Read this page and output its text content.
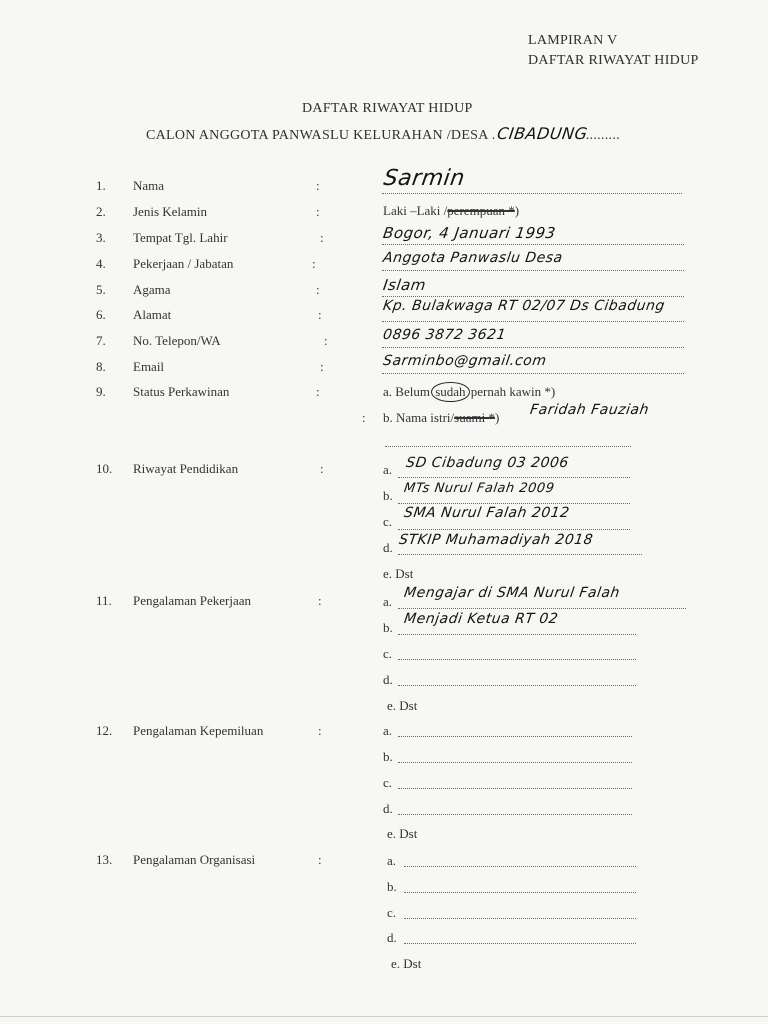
LAMPIRAN V
DAFTAR RIWAYAT HIDUP
DAFTAR RIWAYAT HIDUP
CALON ANGGOTA PANWASLU KELURAHAN /DESA .CIBADUNG.........
1. Nama	:	Sarmin
2. Jenis Kelamin	:	Laki –Laki /perempuan *)
3. Tempat Tgl. Lahir	:	Bogor, 4 Januari 1993
4. Pekerjaan / Jabatan	:	Anggota Panwaslu Desa
5. Agama	:	Islam
6. Alamat	:
Kp. Bulakwaga RT 02/07 Ds Cibadung
7. No. Telepon/WA	:	0896 3872 3621
8. Email	:	Sarminbo@gmail.com
9. Status Perkawinan	:	a. Belum sudah pernah kawin *)
: b. Nama istri/suami *) Faridah Fauziah
10. Riwayat Pendidikan	:	a. SD Cibadung 03 2006
b. MTs Nurul Falah 2009
c.
SMA Nurul Falah 2012
d. STKIP Muhamadiyah 2018
e. Dst
11. Pengalaman Pekerjaan	:	a.
Mengajar di SMA Nurul Falah
b.
Menjadi Ketua RT 02
c.
d.
e. Dst
12. Pengalaman Kepemiluan	:	a.
b.
c.
d.
e. Dst
13. Pengalaman Organisasi	:	a.
b.
c.
d.
e. Dst
